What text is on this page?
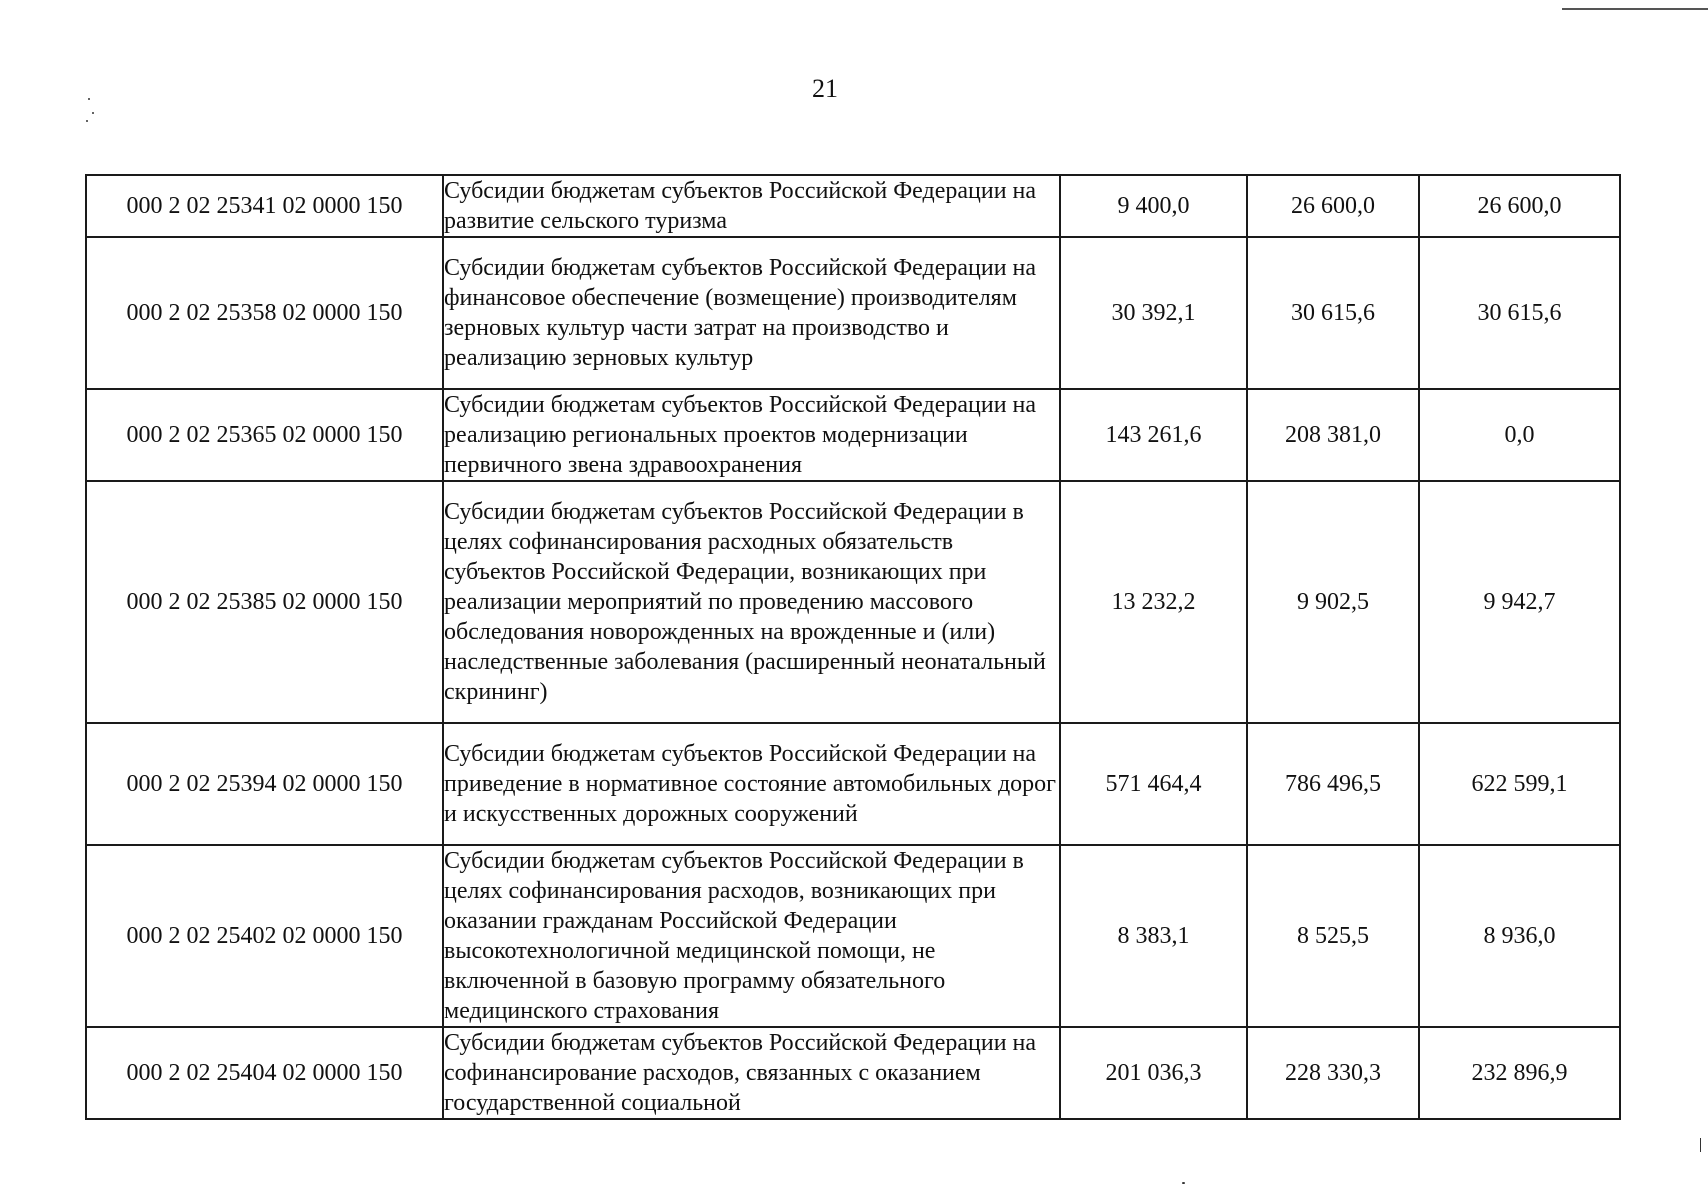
21
000 2 02 25341 02 0000 150	Субсидии бюджетам субъектов Российской Федерации на развитие сельского туризма	9 400,0	26 600,0	26 600,0
000 2 02 25358 02 0000 150	Субсидии бюджетам субъектов Российской Федерации на финансовое обеспечение (возмещение) производителям зерновых культур части затрат на производство и реализацию зерновых культур	30 392,1	30 615,6	30 615,6
000 2 02 25365 02 0000 150	Субсидии бюджетам субъектов Российской Федерации на реализацию региональных проектов модернизации первичного звена здравоохранения	143 261,6	208 381,0	0,0
000 2 02 25385 02 0000 150	Субсидии бюджетам субъектов Российской Федерации в целях софинансирования расходных обязательств субъектов Российской Федерации, возникающих при реализации мероприятий по проведению массового обследования новорожденных на врожденные и (или) наследственные заболевания (расширенный неонатальный скрининг)	13 232,2	9 902,5	9 942,7
000 2 02 25394 02 0000 150	Субсидии бюджетам субъектов Российской Федерации на приведение в нормативное состояние автомобильных дорог и искусственных дорожных сооружений	571 464,4	786 496,5	622 599,1
000 2 02 25402 02 0000 150	Субсидии бюджетам субъектов Российской Федерации в целях софинансирования расходов, возникающих при оказании гражданам Российской Федерации высокотехнологичной медицинской помощи, не включенной в базовую программу обязательного медицинского страхования	8 383,1	8 525,5	8 936,0
000 2 02 25404 02 0000 150	Субсидии бюджетам субъектов Российской Федерации на софинансирование расходов, связанных с оказанием государственной социальной	201 036,3	228 330,3	232 896,9
